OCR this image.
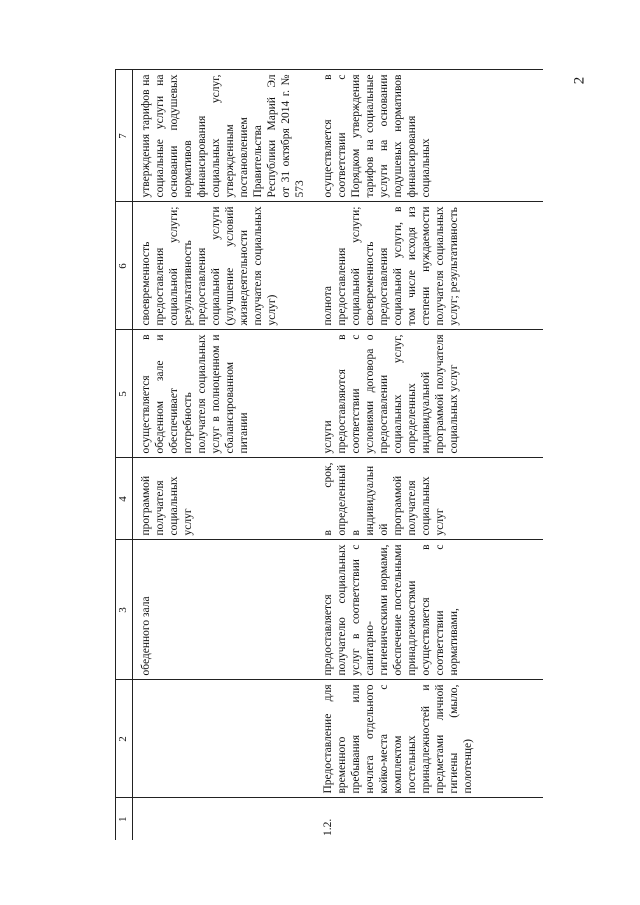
2
1	2	3	4	5	6	7
		обеденного зала	программой получателя социальных услуг	осуществляется в обеденном зале и обеспечивает потребность получателя социальных услуг в полноценном и сбалансированном питании	своевременность предоставления социальной услуги; результативность предоставления социальной услуги (улучшение условий жизнедеятельности получателя социальных услуг)	утверждения тарифов на социальные услуги на основании подушевых нормативов финансирования социальных услуг, утвержденным постановлением Правительства Республики Марий Эл от 31 октября 2014 г. № 573
1.2.	Предоставление для временного пребывания или ночлега отдельного койко-места с комплектом постельных принадлежностей и предметами личной гигиены (мыло, полотенце)	предоставляется получателю социальных услуг в соответствии с санитарно-гигиеническими нормами, обеспечение постельными принадлежностями осуществляется в соответствии с нормативами,	в срок, определенный в индивидуальной программой получателя социальных услуг	услуги предоставляются в соответствии с условиями договора о предоставлении социальных услуг, определенных индивидуальной программой получателя социальных услуг	полнота предоставления социальной услуги; своевременность предоставления социальной услуги, в том числе исходя из степени нуждаемости получателя социальных услуг; результативность	осуществляется в соответствии с Порядком утверждения тарифов на социальные услуги на основании подушевых нормативов финансирования социальных
